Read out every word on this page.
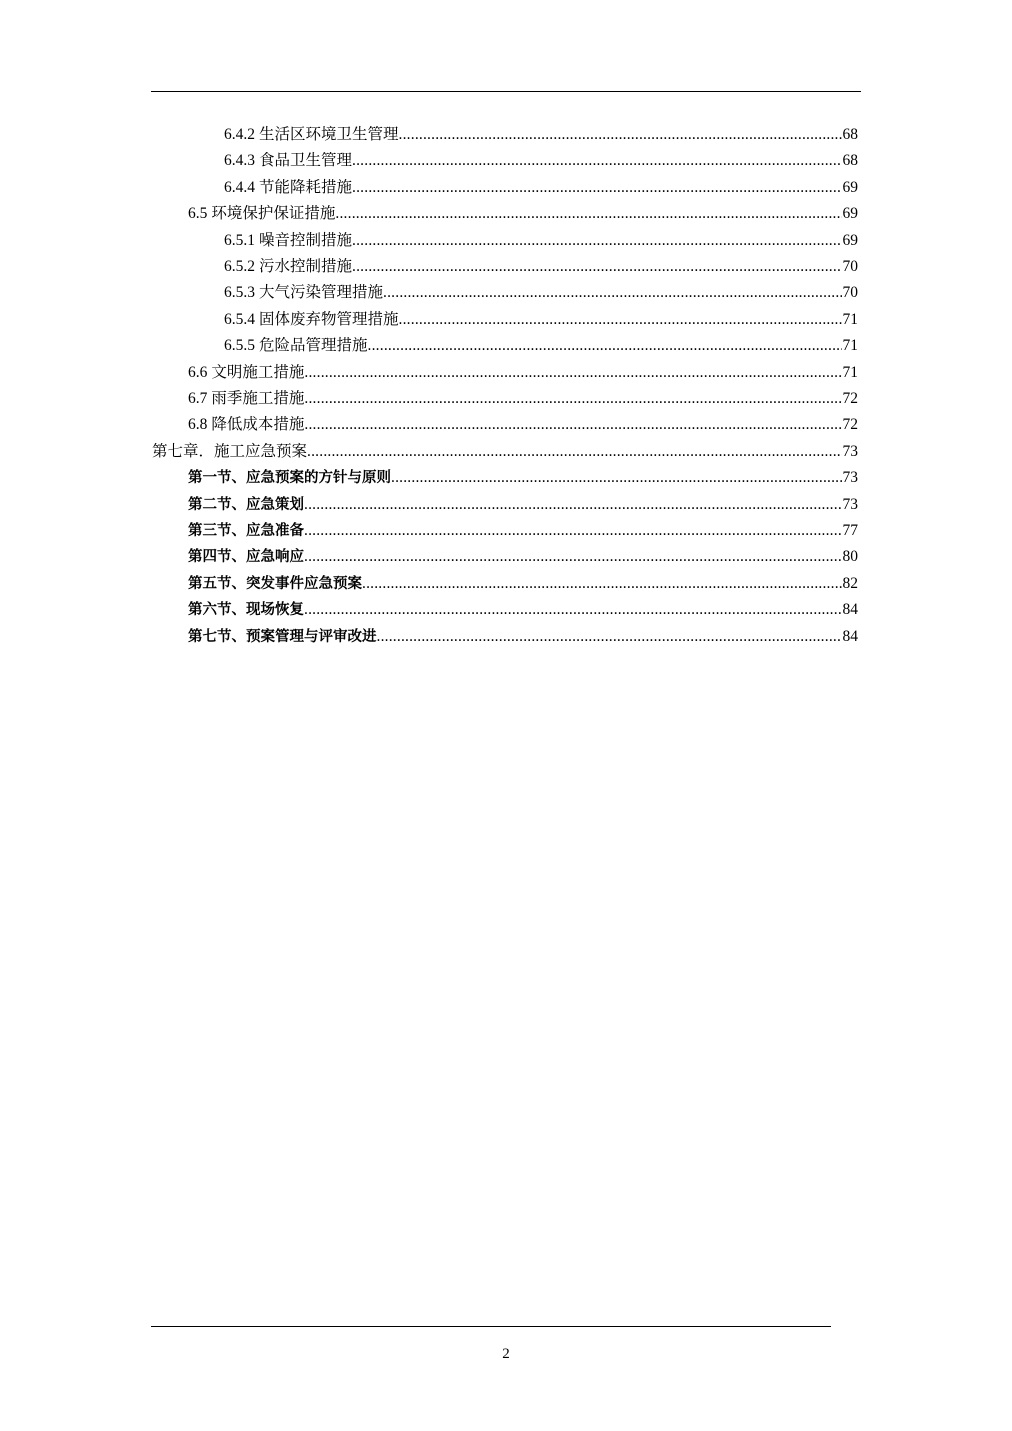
6.4.2 生活区环境卫生管理 .....	68
6.4.3 食品卫生管理 .....	68
6.4.4 节能降耗措施 .....	69
6.5 环境保护保证措施 .....	69
6.5.1 噪音控制措施 .....	69
6.5.2 污水控制措施 .....	70
6.5.3 大气污染管理措施 .....	70
6.5.4 固体废弃物管理措施 .....	71
6.5.5 危险品管理措施 .....	71
6.6 文明施工措施 .....	71
6.7 雨季施工措施 .....	72
6.8 降低成本措施 .....	72
第七章．施工应急预案 .....	73
第一节、应急预案的方针与原则 .....	73
第二节、应急策划 .....	73
第三节、应急准备 .....	77
第四节、应急响应 .....	80
第五节、突发事件应急预案 .....	82
第六节、现场恢复 .....	84
第七节、预案管理与评审改进 .....	84
2
